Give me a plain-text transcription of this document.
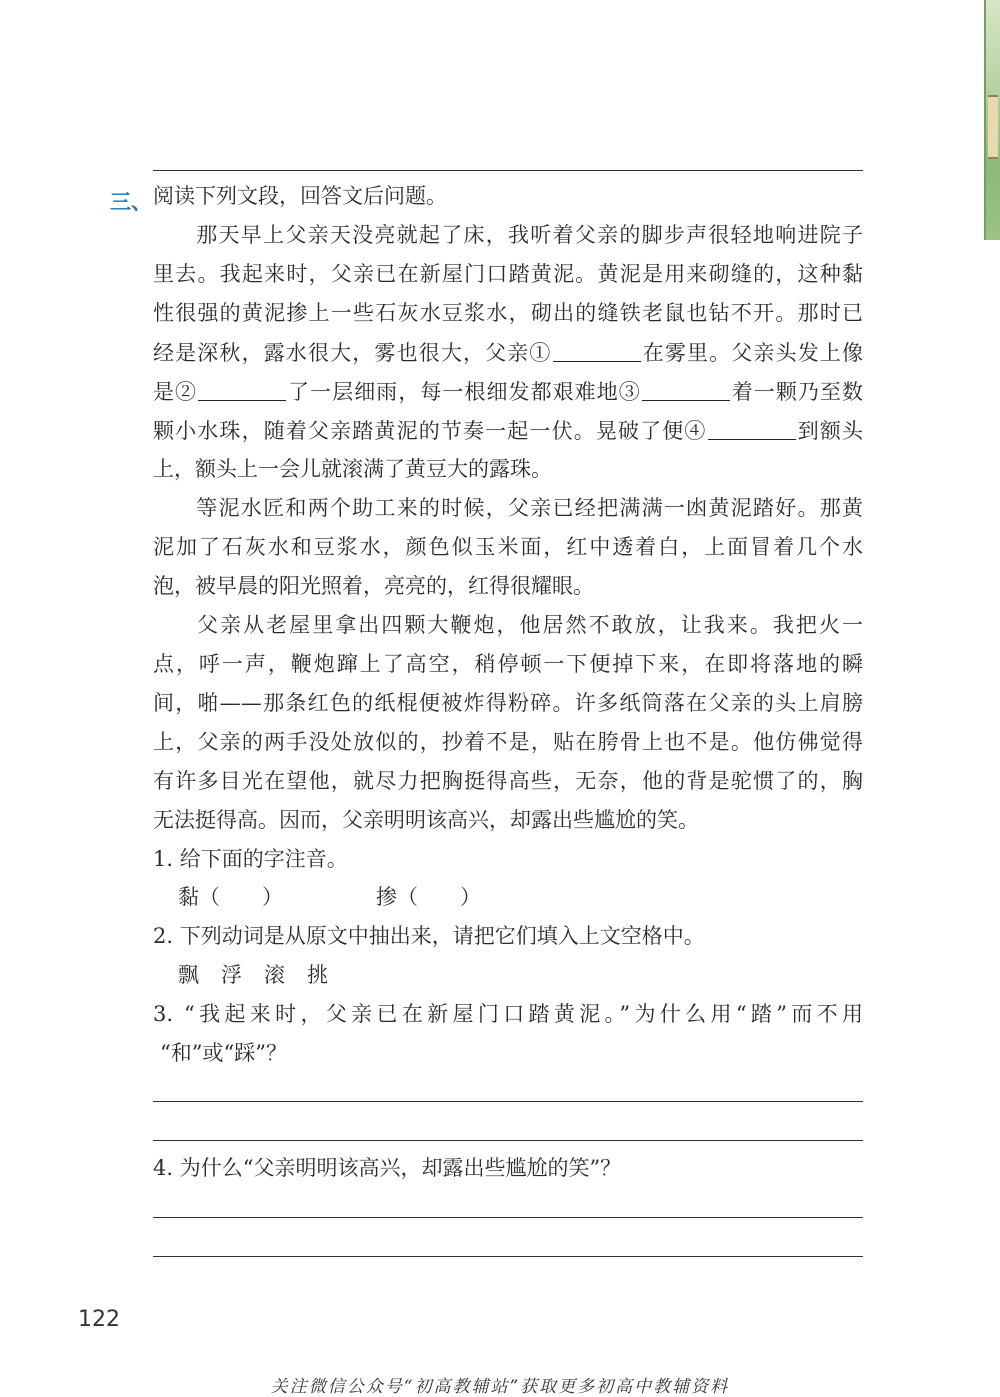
三、 阅读下列文段，回答文后问题。
那天早上父亲天没亮就起了床，我听着父亲的脚步声很轻地响进院子
里去。我起来时，父亲已在新屋门口踏黄泥。黄泥是用来砌缝的，这种黏
性很强的黄泥掺上一些石灰水豆浆水，砌出的缝铁老鼠也钻不开。那时已
经是深秋，露水很大，雾也很大，父亲①	在雾里。父亲头发上像
是②	了一层细雨，每一根细发都艰难地③	着一颗乃至数
颗小水珠，随着父亲踏黄泥的节奏一起一伏。晃破了便④	到额头
上，额头上一会儿就滚满了黄豆大的露珠。
等泥水匠和两个助工来的时候，父亲已经把满满一凼黄泥踏好。那黄
泥加了石灰水和豆浆水，颜色似玉米面，红中透着白，上面冒着几个水
泡，被早晨的阳光照着，亮亮的，红得很耀眼。
父亲从老屋里拿出四颗大鞭炮，他居然不敢放，让我来。我把火一
点，呼一声，鞭炮蹿上了高空，稍停顿一下便掉下来，在即将落地的瞬
间，啪——那条红色的纸棍便被炸得粉碎。许多纸筒落在父亲的头上肩膀
上，父亲的两手没处放似的，抄着不是，贴在胯骨上也不是。他仿佛觉得
有许多目光在望他，就尽力把胸挺得高些，无奈，他的背是驼惯了的，胸
无法挺得高。因而，父亲明明该高兴，却露出些尴尬的笑。
1. 给下面的字注音。
黏（　　）	掺（　　）
2. 下列动词是从原文中抽出来，请把它们填入上文空格中。
飘 浮 滚 挑
3. “我起来时，父亲已在新屋门口踏黄泥。”为什么用“踏”而不用
“和”或“踩”？
4. 为什么“父亲明明该高兴，却露出些尴尬的笑”？
122
关注微信公众号“初高教辅站”获取更多初高中教辅资料
